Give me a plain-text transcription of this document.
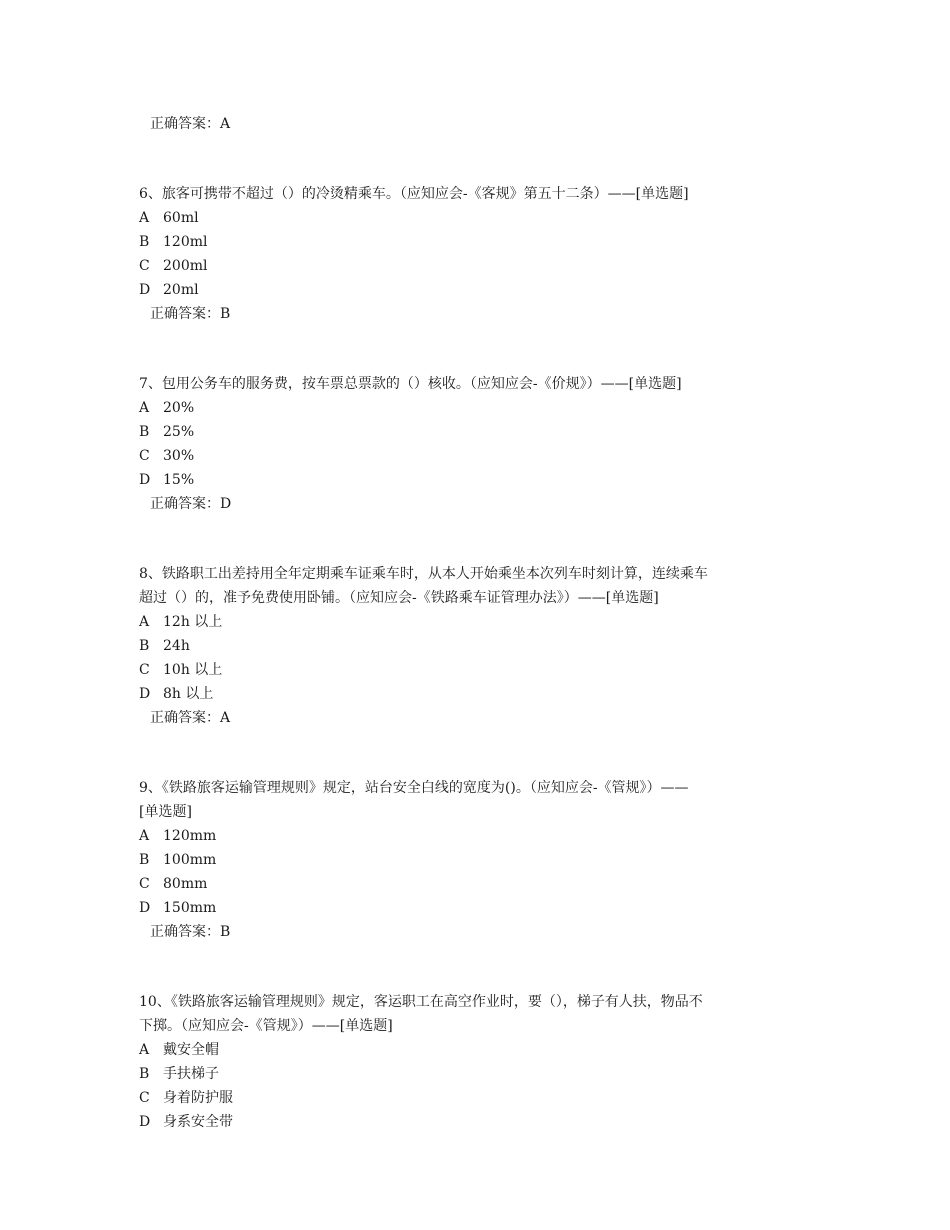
正确答案：A
6、旅客可携带不超过（）的冷烫精乘车。（应知应会-《客规》第五十二条）——[单选题]
A 60ml
B 120ml
C 200ml
D 20ml
正确答案：B
7、包用公务车的服务费，按车票总票款的（）核收。（应知应会-《价规》）——[单选题]
A 20%
B 25%
C 30%
D 15%
正确答案：D
8、铁路职工出差持用全年定期乘车证乘车时，从本人开始乘坐本次列车时刻计算，连续乘车
超过（）的，准予免费使用卧铺。（应知应会-《铁路乘车证管理办法》）——[单选题]
A 12h 以上
B 24h
C 10h 以上
D 8h 以上
正确答案：A
9、《铁路旅客运输管理规则》规定，站台安全白线的宽度为()。（应知应会-《管规》）——
[单选题]
A 120mm
B 100mm
C 80mm
D 150mm
正确答案：B
10、《铁路旅客运输管理规则》规定，客运职工在高空作业时，要（），梯子有人扶，物品不
下掷。（应知应会-《管规》）——[单选题]
A 戴安全帽
B 手扶梯子
C 身着防护服
D 身系安全带
